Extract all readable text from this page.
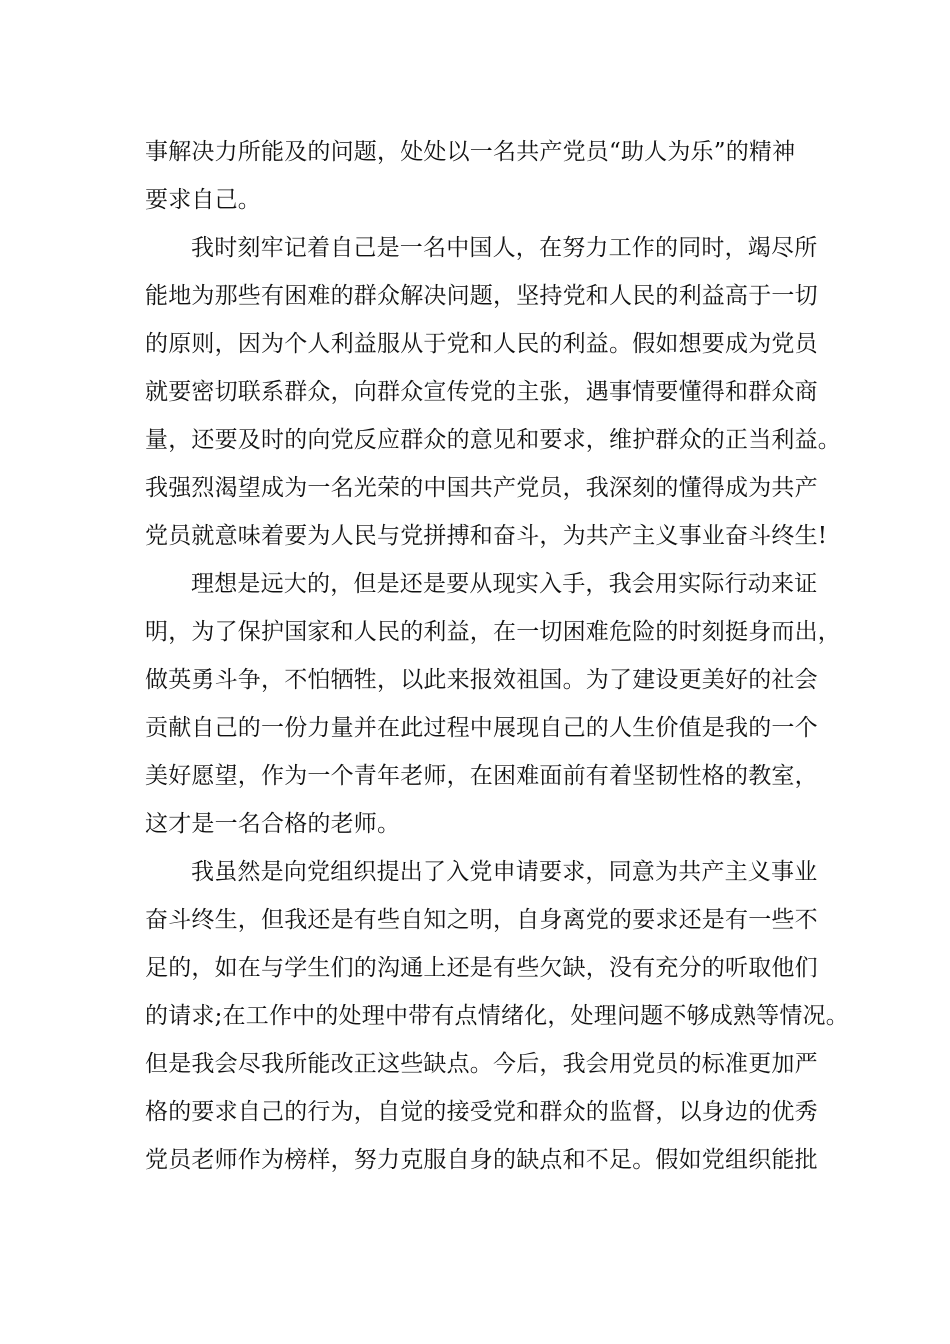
事解决力所能及的问题，处处以一名共产党员“助人为乐”的精神
要求自己。
我时刻牢记着自己是一名中国人，在努力工作的同时，竭尽所
能地为那些有困难的群众解决问题，坚持党和人民的利益高于一切
的原则，因为个人利益服从于党和人民的利益。假如想要成为党员
就要密切联系群众，向群众宣传党的主张，遇事情要懂得和群众商
量，还要及时的向党反应群众的意见和要求，维护群众的正当利益。
我强烈渴望成为一名光荣的中国共产党员，我深刻的懂得成为共产
党员就意味着要为人民与党拼搏和奋斗，为共产主义事业奋斗终生!
理想是远大的，但是还是要从现实入手，我会用实际行动来证
明，为了保护国家和人民的利益，在一切困难危险的时刻挺身而出，
做英勇斗争，不怕牺牲，以此来报效祖国。为了建设更美好的社会
贡献自己的一份力量并在此过程中展现自己的人生价值是我的一个
美好愿望，作为一个青年老师，在困难面前有着坚韧性格的教室，
这才是一名合格的老师。
我虽然是向党组织提出了入党申请要求，同意为共产主义事业
奋斗终生，但我还是有些自知之明，自身离党的要求还是有一些不
足的，如在与学生们的沟通上还是有些欠缺，没有充分的听取他们
的请求;在工作中的处理中带有点情绪化，处理问题不够成熟等情况。
但是我会尽我所能改正这些缺点。今后，我会用党员的标准更加严
格的要求自己的行为，自觉的接受党和群众的监督，以身边的优秀
党员老师作为榜样，努力克服自身的缺点和不足。假如党组织能批
